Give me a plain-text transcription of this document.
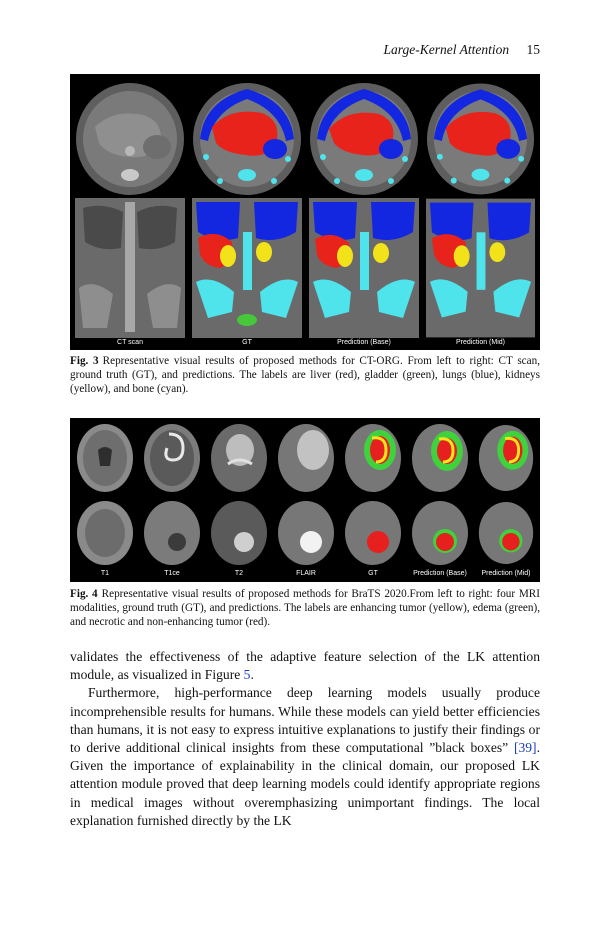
Large-Kernel Attention 15
CT scan	GT	Prediction (Base)	Prediction (Mid)
Fig. 3 Representative visual results of proposed methods for CT-ORG. From left to right: CT scan, ground truth (GT), and predictions. The labels are liver (red), gladder (green), lungs (blue), kidneys (yellow), and bone (cyan).
T1	T1ce	T2	FLAIR	GT	Prediction (Base)	Prediction (Mid)
Fig. 4 Representative visual results of proposed methods for BraTS 2020.From left to right: four MRI modalities, ground truth (GT), and predictions. The labels are enhancing tumor (yellow), edema (green), and necrotic and non-enhancing tumor (red).

validates the effectiveness of the adaptive feature selection of the LK attention module, as visualized in Figure 5.

Furthermore, high-performance deep learning models usually produce incomprehensible results for humans. While these models can yield better efficiencies than humans, it is not easy to express intuitive explanations to justify their findings or to derive additional clinical insights from these computational ”black boxes” [39]. Given the importance of explainability in the clinical domain, our proposed LK attention module proved that deep learning models could identify appropriate regions in medical images without overemphasizing unimportant findings. The local explanation furnished directly by the LK
